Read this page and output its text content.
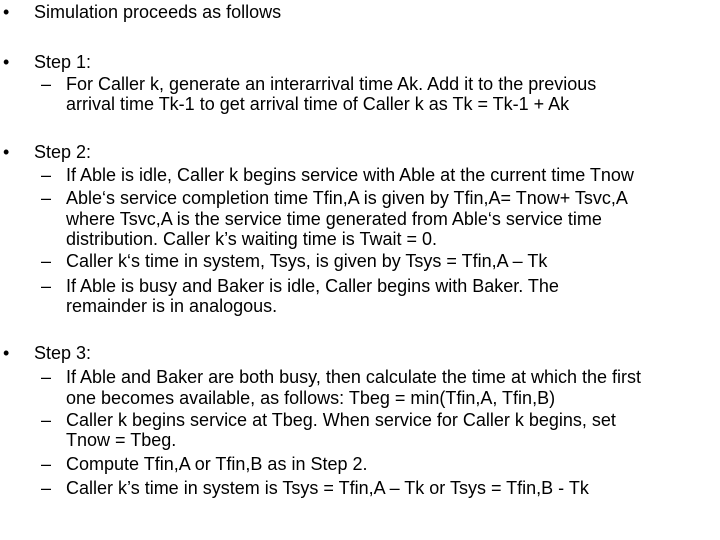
• Simulation proceeds as follows
• Step 1:
– For Caller k, generate an interarrival time Ak. Add it to the previous
arrival time Tk-1 to get arrival time of Caller k as Tk = Tk-1 + Ak
• Step 2:
– If Able is idle, Caller k begins service with Able at the current time Tnow
– Able‘s service completion time Tfin,A is given by Tfin,A= Tnow+ Tsvc,A
where Tsvc,A is the service time generated from Able‘s service time
distribution. Caller k’s waiting time is Twait = 0.
– Caller k‘s time in system, Tsys, is given by Tsys = Tfin,A – Tk
– If Able is busy and Baker is idle, Caller begins with Baker. The
remainder is in analogous.
• Step 3:
– If Able and Baker are both busy, then calculate the time at which the first
one becomes available, as follows: Tbeg = min(Tfin,A, Tfin,B)
– Caller k begins service at Tbeg. When service for Caller k begins, set
Tnow = Tbeg.
– Compute Tfin,A or Tfin,B as in Step 2.
– Caller k’s time in system is Tsys = Tfin,A – Tk or Tsys = Tfin,B - Tk
